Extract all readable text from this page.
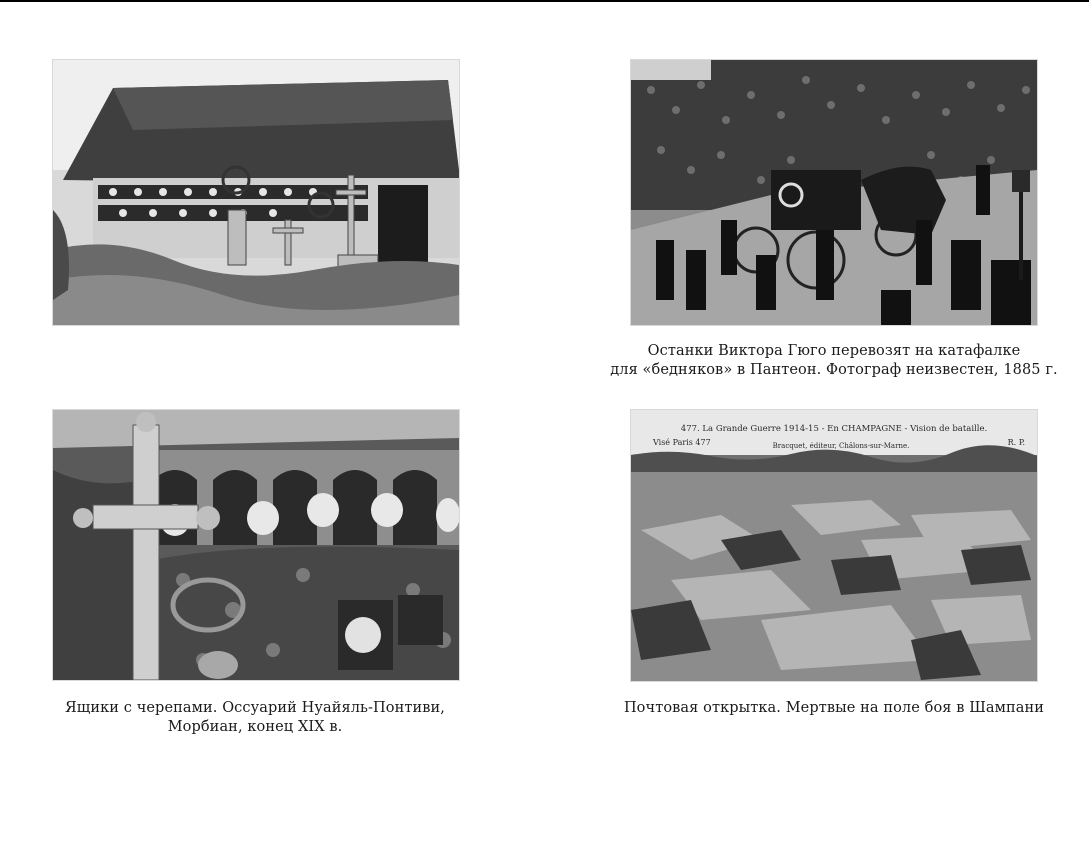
Останки Виктора Гюго перевозят на катафалке
для «бедняков» в Пантеон. Фотограф неизвестен, 1885 г.
Ящики с черепами. Оссуарий Нуайяль-Понтиви,
Морбиан, конец XIX в.
477. La Grande Guerre 1914-15 - En CHAMPAGNE - Vision de bataille.
Visé Paris 477	Bracquet, éditeur, Châlons-sur-Marne.	R. P.
Почтовая открытка. Мертвые на поле боя в Шампани
